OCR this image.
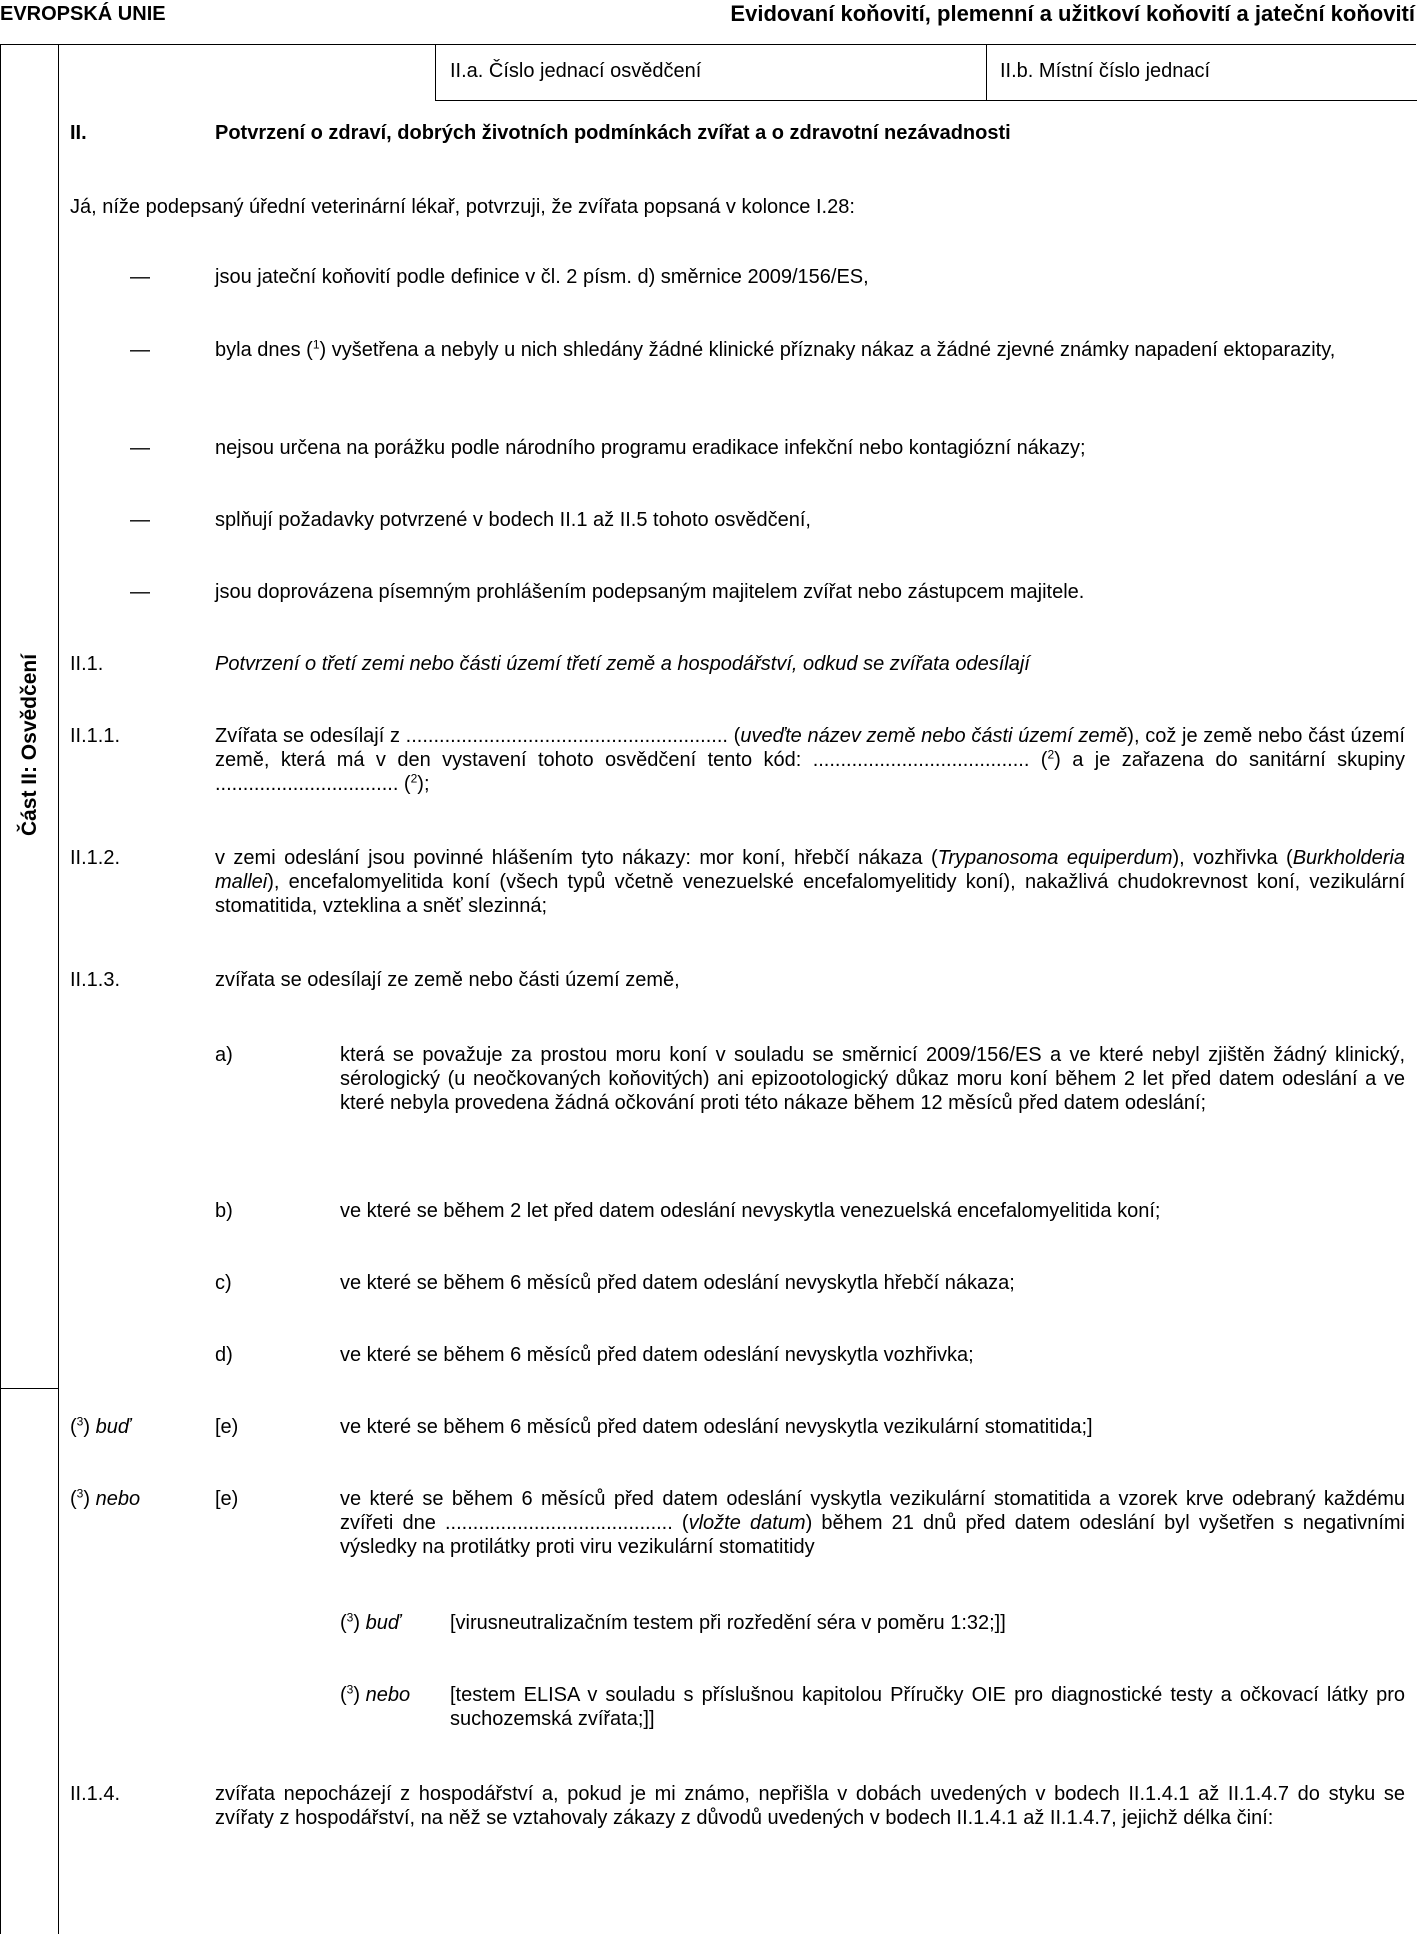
EVROPSKÁ UNIE	Evidovaní koňovití, plemenní a užitkoví koňovití a jateční koňovití
II.a. Číslo jednací osvědčení	II.b. Místní číslo jednací
Část II: Osvědčení
II.	Potvrzení o zdraví, dobrých životních podmínkách zvířat a o zdravotní nezávadnosti
Já, níže podepsaný úřední veterinární lékař, potvrzuji, že zvířata popsaná v kolonce I.28:
—	jsou jateční koňovití podle definice v čl. 2 písm. d) směrnice 2009/156/ES,
—	byla dnes ($^1$) vyšetřena a nebyly u nich shledány žádné klinické příznaky nákaz a žádné zjevné známky napadení ektoparazity,
—	nejsou určena na porážku podle národního programu eradikace infekční nebo kontagiózní nákazy;
—	splňují požadavky potvrzené v bodech II.1 až II.5 tohoto osvědčení,
—	jsou doprovázena písemným prohlášením podepsaným majitelem zvířat nebo zástupcem majitele.
II.1.	Potvrzení o třetí zemi nebo části území třetí země a hospodářství, odkud se zvířata odesílají
II.1.1.	Zvířata se odesílají z .......................................................... (uveďte název země nebo části území země), což je země nebo část území země, která má v den vystavení tohoto osvědčení tento kód: ....................................... ($^2$) a je zařazena do sanitární skupiny ................................. ($^2$);
II.1.2.	v zemi odeslání jsou povinné hlášením tyto nákazy: mor koní, hřebčí nákaza (Trypanosoma equiperdum), vozhřivka (Burkholderia mallei), encefalomyelitida koní (všech typů včetně venezuelské encefalomyelitidy koní), nakažlivá chudokrevnost koní, vezikulární stomatitida, vzteklina a sněť slezinná;
II.1.3.	zvířata se odesílají ze země nebo části území země,
a)	která se považuje za prostou moru koní v souladu se směrnicí 2009/156/ES a ve které nebyl zjištěn žádný klinický, sérologický (u neočkovaných koňovitých) ani epizootologický důkaz moru koní během 2 let před datem odeslání a ve které nebyla provedena žádná očkování proti této nákaze během 12 měsíců před datem odeslání;
b)	ve které se během 2 let před datem odeslání nevyskytla venezuelská encefalomyelitida koní;
c)	ve které se během 6 měsíců před datem odeslání nevyskytla hřebčí nákaza;
d)	ve které se během 6 měsíců před datem odeslání nevyskytla vozhřivka;
($^3$) buď	[e)	ve které se během 6 měsíců před datem odeslání nevyskytla vezikulární stomatitida;]
($^3$) nebo	[e)	ve které se během 6 měsíců před datem odeslání vyskytla vezikulární stomatitida a vzorek krve odebraný každému zvířeti dne ......................................... (vložte datum) během 21 dnů před datem odeslání byl vyšetřen s negativními výsledky na protilátky proti viru vezikulární stomatitidy
($^3$) buď [virusneutralizačním testem při rozředění séra v poměru 1:32;]]
($^3$) nebo [testem ELISA v souladu s příslušnou kapitolou Příručky OIE pro diagnostické testy a očkovací látky pro suchozemská zvířata;]]
II.1.4.	zvířata nepocházejí z hospodářství a, pokud je mi známo, nepřišla v dobách uvedených v bodech II.1.4.1 až II.1.4.7 do styku se zvířaty z hospodářství, na něž se vztahovaly zákazy z důvodů uvedených v bodech II.1.4.1 až II.1.4.7, jejichž délka činí:
